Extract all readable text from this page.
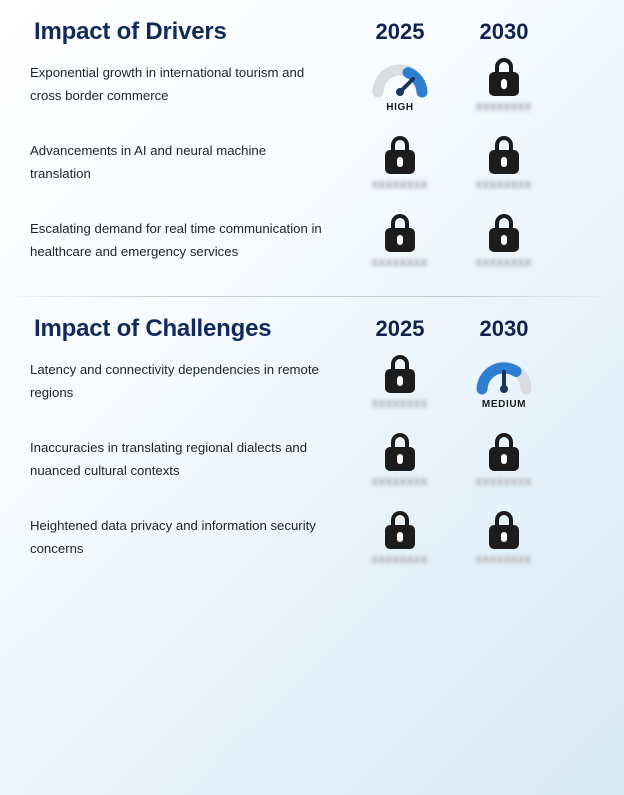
Impact of Drivers	2025	2030
Exponential growth in international tourism and cross border commerce
HIGH	XXXXXXXX
Advancements in AI and neural machine translation
XXXXXXXX	XXXXXXXX
Escalating demand for real time communication in healthcare and emergency services
XXXXXXXX	XXXXXXXX
Impact of Challenges	2025	2030
Latency and connectivity dependencies in remote regions
XXXXXXXX	MEDIUM
Inaccuracies in translating regional dialects and nuanced cultural contexts
XXXXXXXX	XXXXXXXX
Heightened data privacy and information security concerns
XXXXXXXX	XXXXXXXX
